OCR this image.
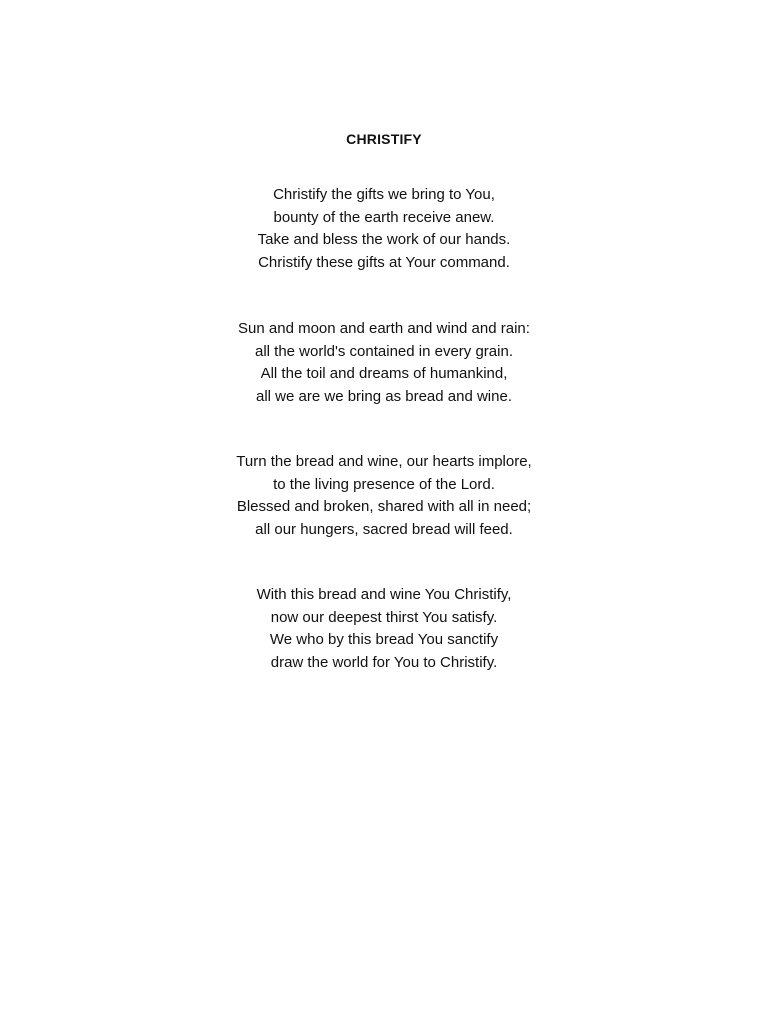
CHRISTIFY
Christify the gifts we bring to You,
bounty of the earth receive anew.
Take and bless the work of our hands.
Christify these gifts at Your command.
Sun and moon and earth and wind and rain:
all the world's contained in every grain.
All the toil and dreams of humankind,
all we are we bring as bread and wine.
Turn the bread and wine, our hearts implore,
to the living presence of the Lord.
Blessed and broken, shared with all in need;
all our hungers, sacred bread will feed.
With this bread and wine You Christify,
now our deepest thirst You satisfy.
We who by this bread You sanctify
draw the world for You to Christify.
